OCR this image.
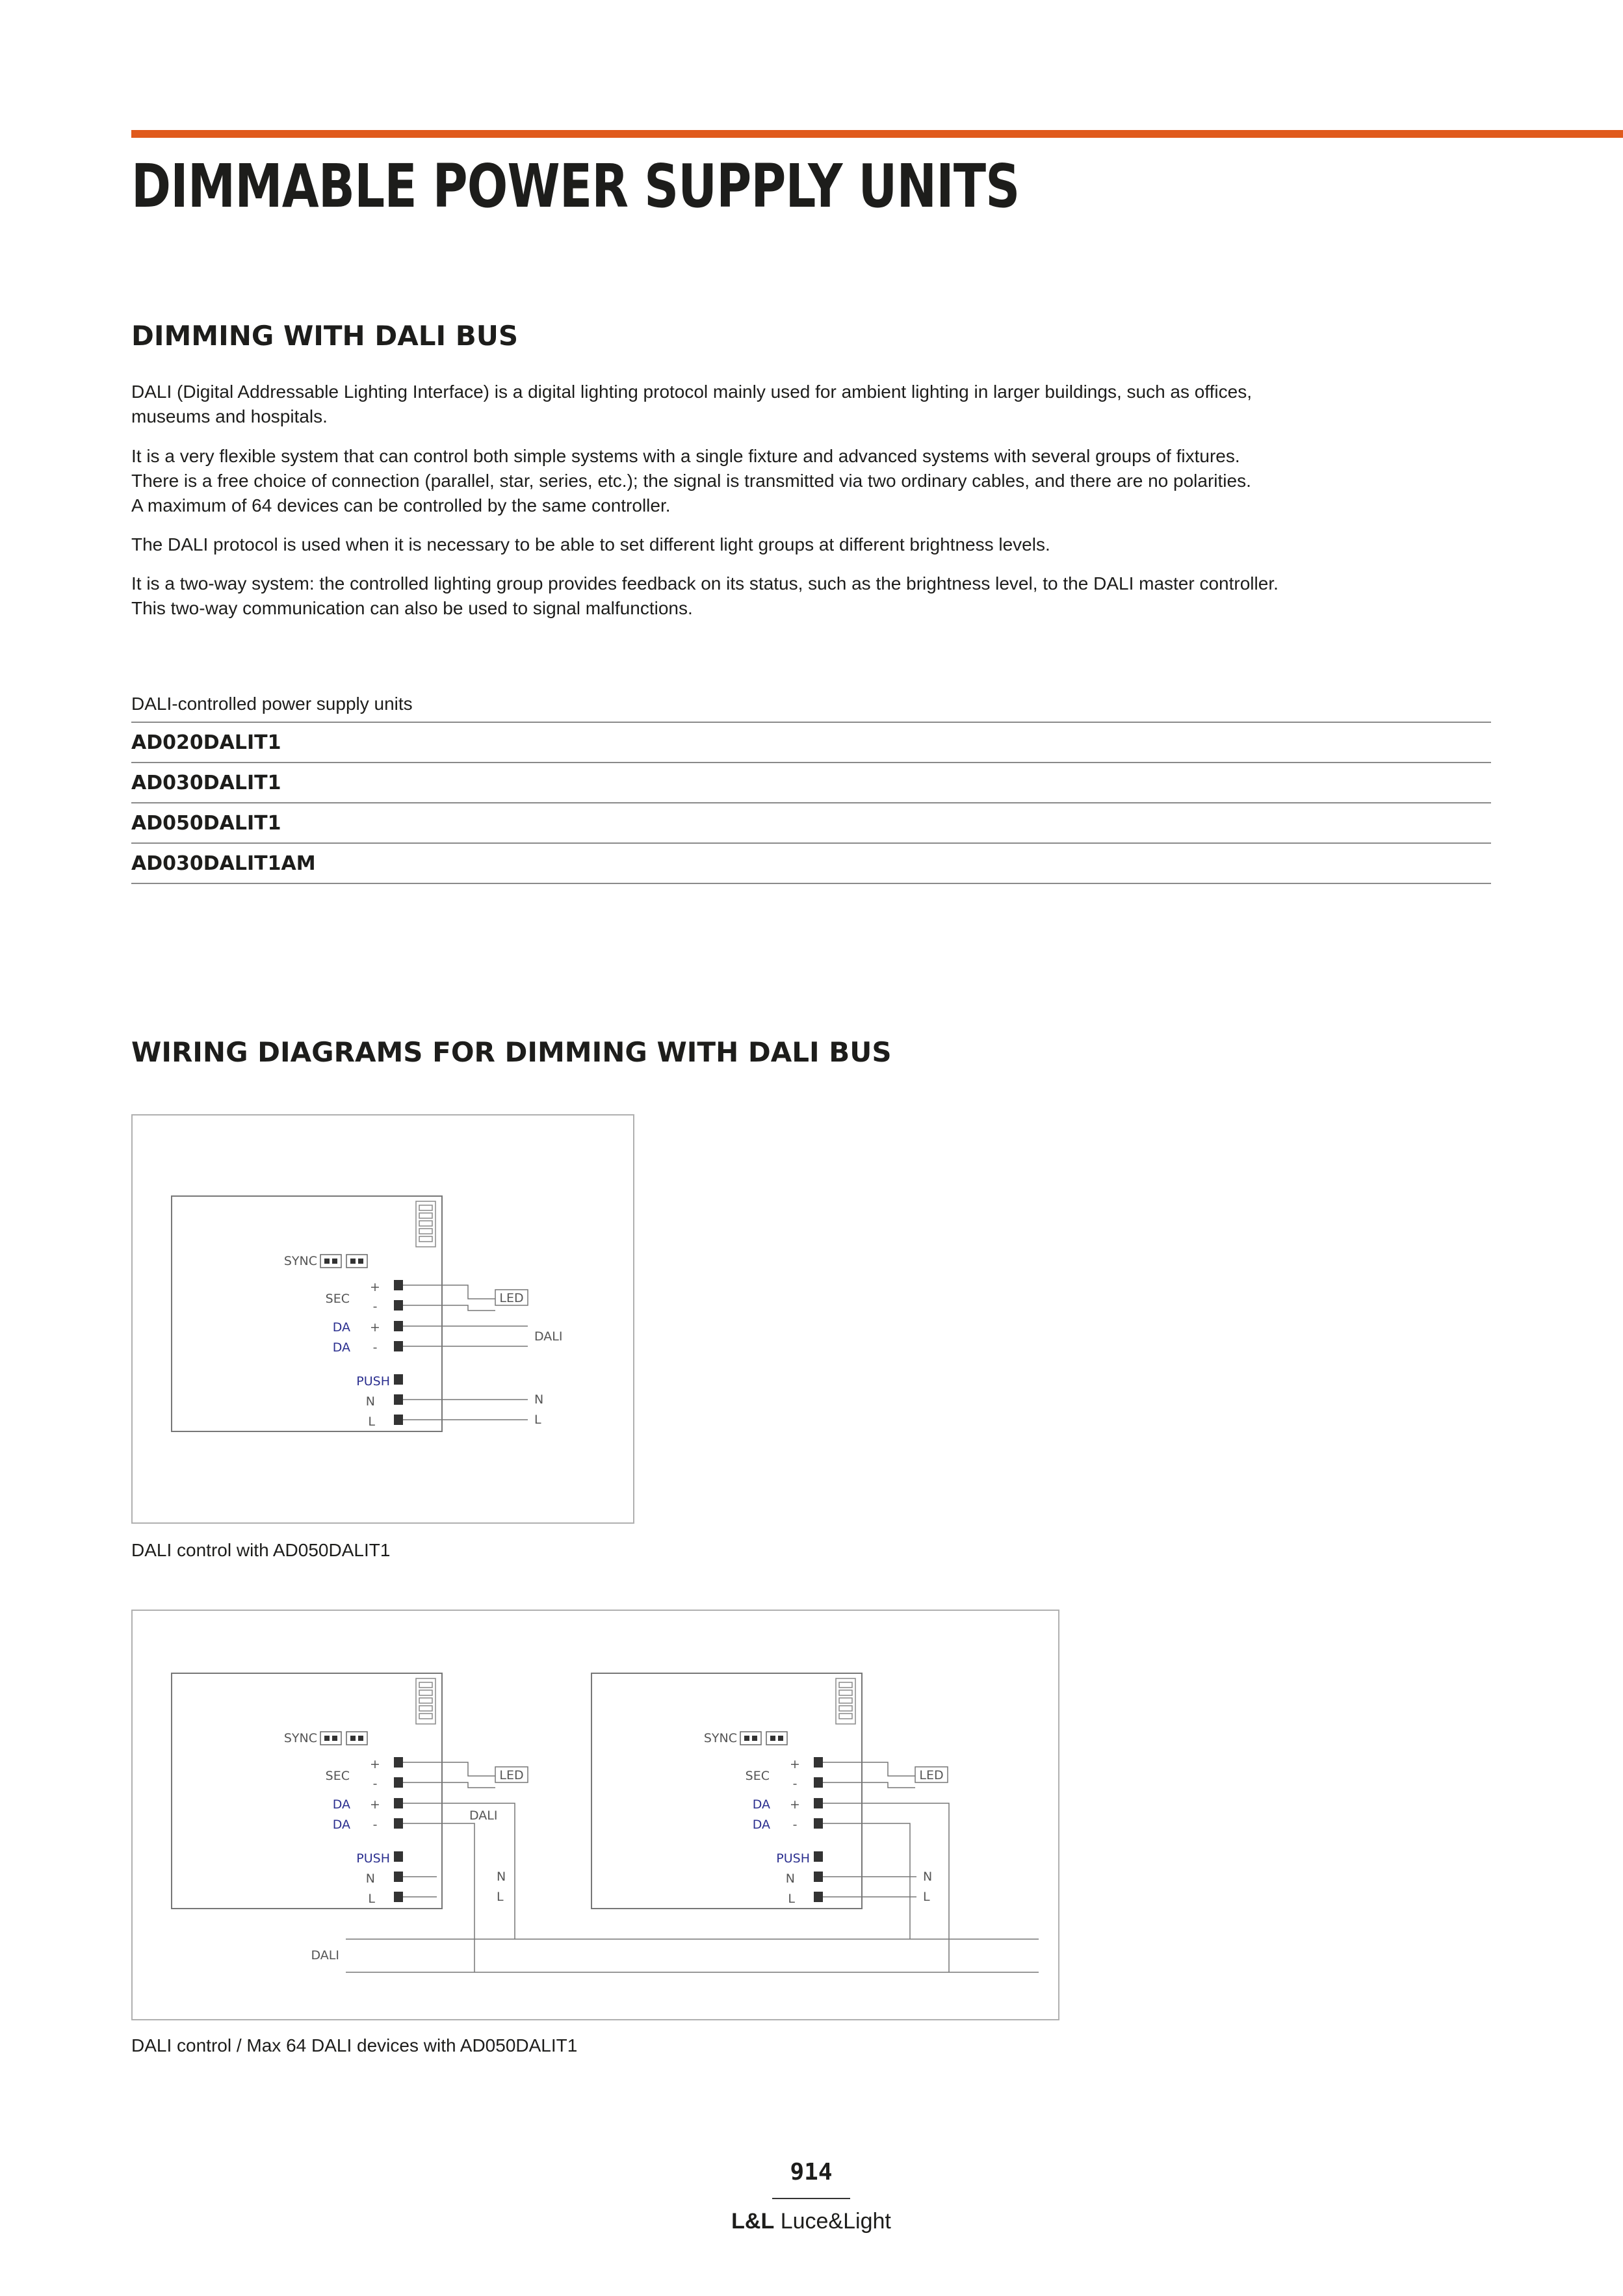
DIMMABLE POWER SUPPLY UNITS
DIMMING WITH DALI BUS

DALI (Digital Addressable Lighting Interface) is a digital lighting protocol mainly used for ambient lighting in larger buildings, such as offices,
museums and hospitals.

It is a very flexible system that can control both simple systems with a single fixture and advanced systems with several groups of fixtures.
There is a free choice of connection (parallel, star, series, etc.); the signal is transmitted via two ordinary cables, and there are no polarities.
A maximum of 64 devices can be controlled by the same controller.

The DALI protocol is used when it is necessary to be able to set different light groups at different brightness levels.

It is a two-way system: the controlled lighting group provides feedback on its status, such as the brightness level, to the DALI master controller.
This two-way communication can also be used to signal malfunctions.

DALI-controlled power supply units

AD020DALIT1
AD030DALIT1
AD050DALIT1
AD030DALIT1AM
WIRING DIAGRAMS FOR DIMMING WITH DALI BUS
SYNC
+
-
+
-
N
L
SEC
DA
DA
PUSH
LED
DALI
N
L

DALI control with AD050DALIT1

DALI
SYNC
+
-
+
-
N
L
SEC
DA
DA
PUSH
LED
DALI
N
L
SYNC
+
-
+
-
N
L
SEC
DA
DA
PUSH
LED
N
L

DALI control / Max 64 DALI devices with AD050DALIT1

914

L&L Luce&Light
